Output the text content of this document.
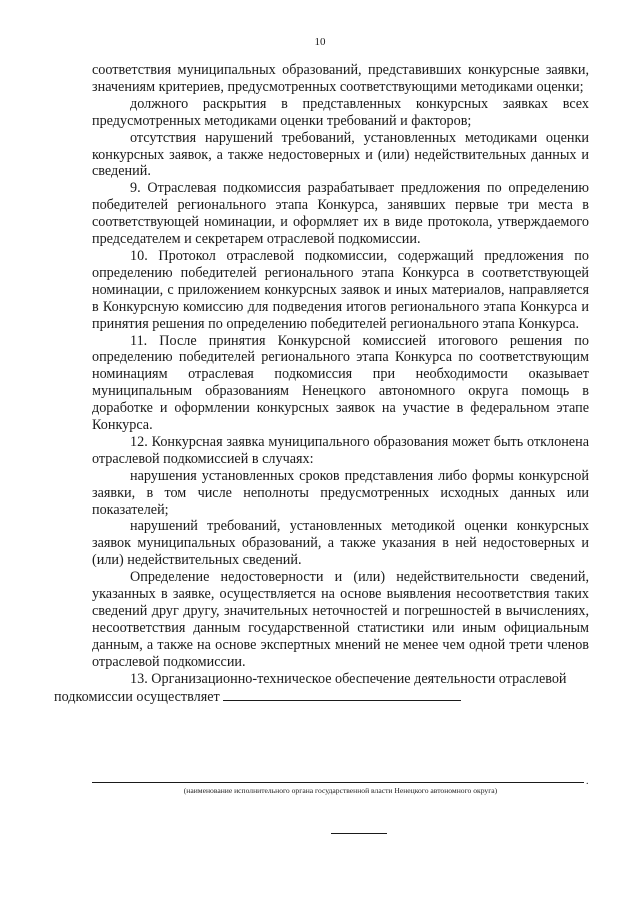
10

соответствия муниципальных образований, представивших конкурсные заявки, значениям критериев, предусмотренных соответствующими методиками оценки;

должного раскрытия в представленных конкурсных заявках всех предусмотренных методиками оценки требований и факторов;

отсутствия нарушений требований, установленных методиками оценки конкурсных заявок, а также недостоверных и (или) недействительных данных и сведений.

9. Отраслевая подкомиссия разрабатывает предложения по определению победителей регионального этапа Конкурса, занявших первые три места в соответствующей номинации, и оформляет их в виде протокола, утверждаемого председателем и секретарем отраслевой подкомиссии.

10. Протокол отраслевой подкомиссии, содержащий предложения по определению победителей регионального этапа Конкурса в соответствующей номинации, с приложением конкурсных заявок и иных материалов, направляется в Конкурсную комиссию для подведения итогов регионального этапа Конкурса и принятия решения по определению победителей регионального этапа Конкурса.

11. После принятия Конкурсной комиссией итогового решения по определению победителей регионального этапа Конкурса по соответствующим номинациям отраслевая подкомиссия при необходимости оказывает муниципальным образованиям Ненецкого автономного округа помощь в доработке и оформлении конкурсных заявок на участие в федеральном этапе Конкурса.

12. Конкурсная заявка муниципального образования может быть отклонена отраслевой подкомиссией в случаях:

нарушения установленных сроков представления либо формы конкурсной заявки, в том числе неполноты предусмотренных исходных данных или показателей;

нарушений требований, установленных методикой оценки конкурсных заявок муниципальных образований, а также указания в ней недостоверных и (или) недействительных сведений.

Определение недостоверности и (или) недействительности сведений, указанных в заявке, осуществляется на основе выявления несоответствия таких сведений друг другу, значительных неточностей и погрешностей в вычислениях, несоответствия данным государственной статистики или иным официальным данным, а также на основе экспертных мнений не менее чем одной трети членов отраслевой подкомиссии.

13. Организационно-техническое обеспечение деятельности отраслевой
подкомиссии осуществляет

.
(наименование исполнительного органа государственной власти Ненецкого автономного округа)
